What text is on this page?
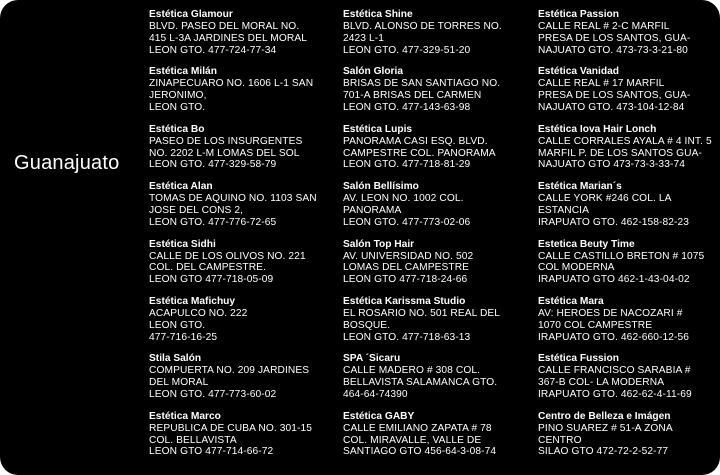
Guanajuato
Estética Glamour
BLVD. PASEO DEL MORAL NO.
415 L-3A JARDINES DEL MORAL
LEON GTO. 477-724-77-34
Estética Milán
ZINAPECUARO NO. 1606 L-1 SAN
JERONIMO,
LEON GTO.
Estética Bo
PASEO DE LOS INSURGENTES
NO. 2202 L-M LOMAS DEL SOL
LEON GTO. 477-329-58-79
Estética Alan
TOMAS DE AQUINO NO. 1103 SAN
JOSE DEL CONS 2,
LEON GTO. 477-776-72-65
Estética Sidhi
CALLE DE LOS OLIVOS NO. 221
COL. DEL CAMPESTRE.
LEON GTO 477-718-05-09
Estética Mafichuy
ACAPULCO NO. 222
LEON GTO.
477-716-16-25
Stila Salón
COMPUERTA NO. 209 JARDINES
DEL MORAL
LEON GTO. 477-773-60-02
Estética Marco
REPUBLICA DE CUBA NO. 301-15
COL. BELLAVISTA
LEON GTO 477-714-66-72
Estética Shine
BLVD. ALONSO DE TORRES NO.
2423 L-1
LEON GTO. 477-329-51-20
Salón Gloria
BRISAS DE SAN SANTIAGO NO.
701-A BRISAS DEL CARMEN
LEON GTO. 477-143-63-98
Estética Lupis
PANORAMA CASI ESQ. BLVD.
CAMPESTRE COL. PANORAMA
LEON GTO. 477-718-81-29
Salón Bellísimo
AV. LEON NO. 1002 COL.
PANORAMA
LEON GTO. 477-773-02-06
Salón Top Hair
AV. UNIVERSIDAD NO. 502
LOMAS DEL CAMPESTRE
LEON GTO 477-718-24-66
Estética Karissma Studio
EL ROSARIO NO. 501 REAL DEL
BOSQUE.
LEON GTO. 477-718-63-13
SPA ´Sicaru
CALLE MADERO # 308 COL.
BELLAVISTA SALAMANCA GTO.
464-64-74390
Estética GABY
CALLE EMILIANO ZAPATA # 78
COL. MIRAVALLE, VALLE DE
SANTIAGO GTO 456-64-3-08-74
Estética Passion
CALLE REAL # 2-C MARFIL
PRESA DE LOS SANTOS, GUA-
NAJUATO GTO. 473-73-3-21-80
Estética Vanidad
CALLE REAL # 17 MARFIL
PRESA DE LOS SANTOS, GUA-
NAJUATO GTO. 473-104-12-84
Estética Iova Hair Lonch
CALLE CORRALES AYALA # 4 INT. 5
MARFIL P. DE LOS SANTOS GUA-
NAJUATO GTO 473-73-3-33-74
Estética Marian´s
CALLE YORK #246 COL. LA
ESTANCIA
IRAPUATO GTO. 462-158-82-23
Estetica Beuty Time
CALLE CASTILLO BRETON # 1075
COL MODERNA
IRAPUATO GTO 462-1-43-04-02
Estética Mara
AV: HEROES DE NACOZARI #
1070 COL CAMPESTRE
IRAPUATO GTO. 462-660-12-56
Estética Fussion
CALLE FRANCISCO SARABIA #
367-B COL- LA MODERNA
IRAPUATO GTO. 462-62-4-11-69
Centro de Belleza e Imágen
PINO SUAREZ # 51-A ZONA
CENTRO
SILAO GTO 472-72-2-52-77
